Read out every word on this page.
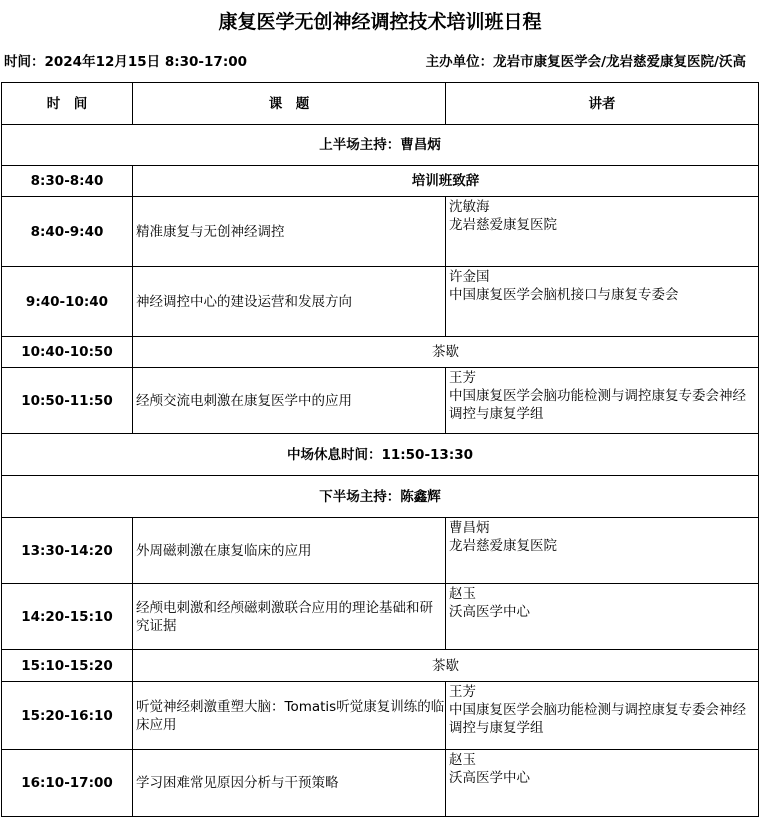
康复医学无创神经调控技术培训班日程
时间：2024年12月15日 8:30-17:00	主办单位：龙岩市康复医学会/龙岩慈爱康复医院/沃高
时　间	课　题	讲者
上半场主持：曹昌炳		
8:30-8:40	培训班致辞	
8:40-9:40	精准康复与无创神经调控	沈敏海
龙岩慈爱康复医院

9:40-10:40	神经调控中心的建设运营和发展方向	许金国
中国康复医学会脑机接口与康复专委会

10:40-10:50	茶歇	
10:50-11:50	经颅交流电刺激在康复医学中的应用	王芳
中国康复医学会脑功能检测与调控康复专委会神经调控与康复学组

中场休息时间：11:50-13:30		
下半场主持：陈鑫辉		
13:30-14:20	外周磁刺激在康复临床的应用	曹昌炳
龙岩慈爱康复医院

14:20-15:10	经颅电刺激和经颅磁刺激联合应用的理论基础和研究证据	赵玉
沃高医学中心

15:10-15:20	茶歇	
15:20-16:10	听觉神经刺激重塑大脑：Tomatis听觉康复训练的临床应用	王芳
中国康复医学会脑功能检测与调控康复专委会神经调控与康复学组

16:10-17:00	学习困难常见原因分析与干预策略	赵玉
沃高医学中心
